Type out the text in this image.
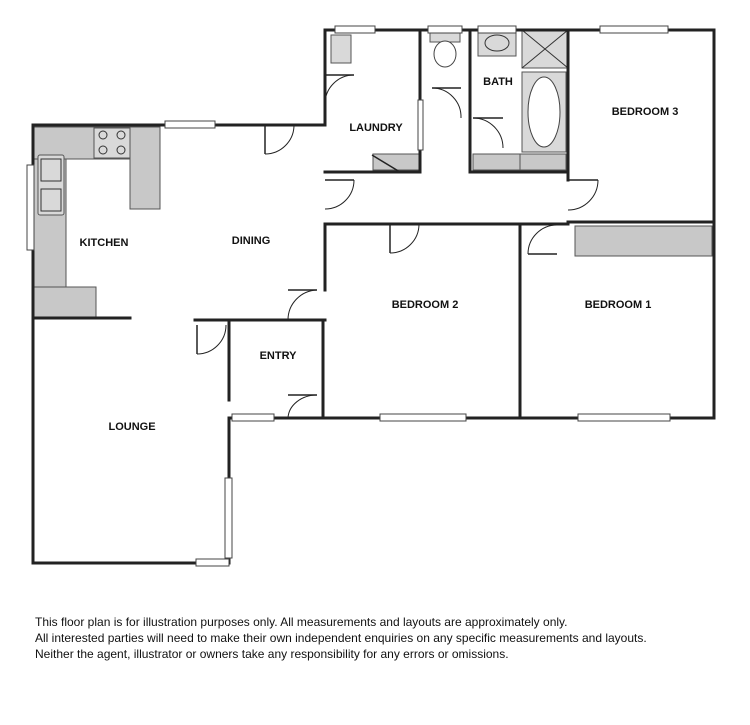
LAUNDRY
BATH
BEDROOM 3
KITCHEN	DINING
BEDROOM 2	BEDROOM 1
ENTRY
LOUNGE
This floor plan is for illustration purposes only. All measurements and layouts are approximately only.
All interested parties will need to make their own independent enquiries on any specific measurements and layouts.
Neither the agent, illustrator or owners take any responsibility for any errors or omissions.
